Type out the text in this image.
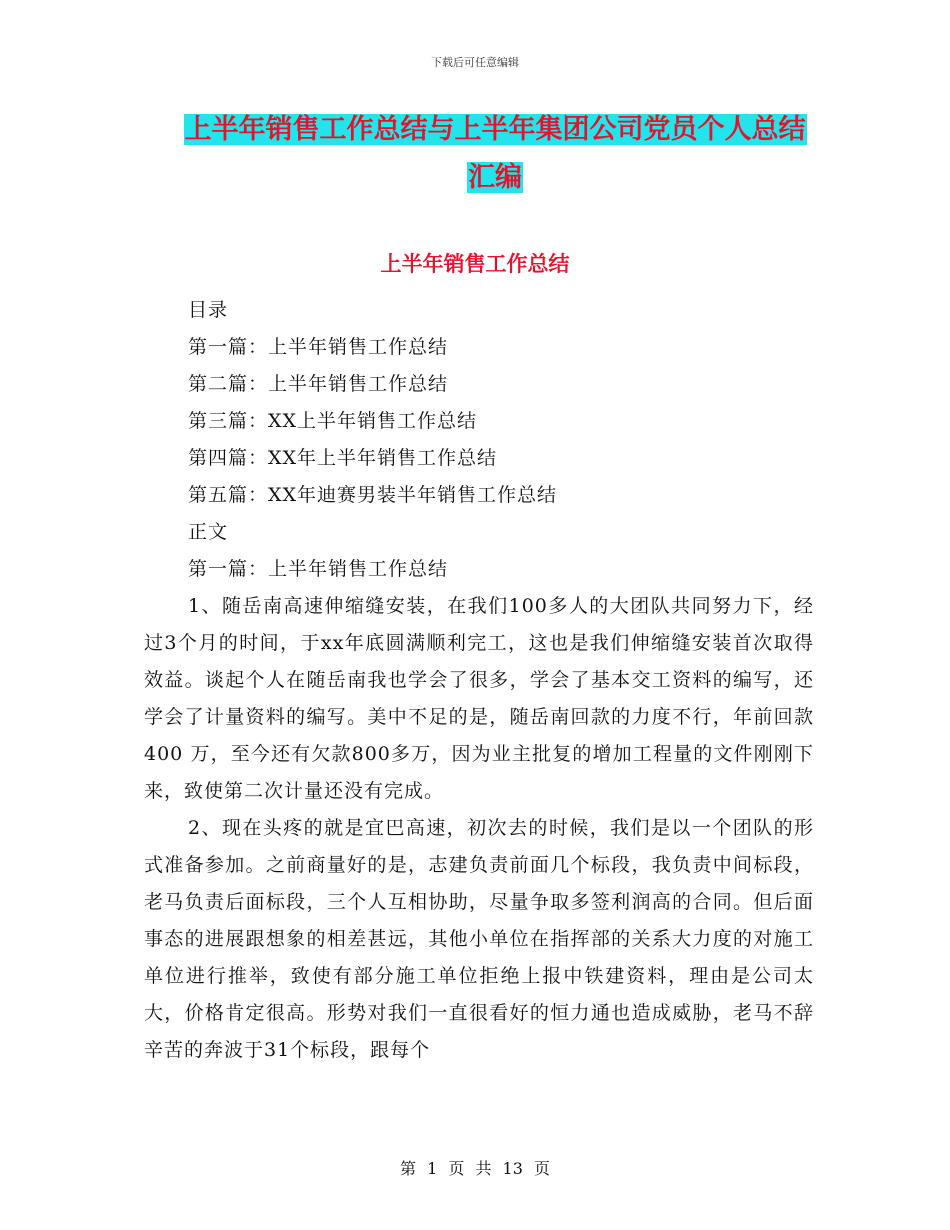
下载后可任意编辑
上半年销售工作总结与上半年集团公司党员个人总结
汇编
上半年销售工作总结

目录

第一篇：上半年销售工作总结

第二篇：上半年销售工作总结

第三篇：XX上半年销售工作总结

第四篇：XX年上半年销售工作总结

第五篇：XX年迪赛男装半年销售工作总结

正文

第一篇：上半年销售工作总结

1、随岳南高速伸缩缝安装，在我们100多人的大团队共同努力下，经过3个月的时间，于xx年底圆满顺利完工，这也是我们伸缩缝安装首次取得效益。谈起个人在随岳南我也学会了很多，学会了基本交工资料的编写，还学会了计量资料的编写。美中不足的是，随岳南回款的力度不行，年前回款400 万，至今还有欠款800多万，因为业主批复的增加工程量的文件刚刚下来，致使第二次计量还没有完成。

2、现在头疼的就是宜巴高速，初次去的时候，我们是以一个团队的形式准备参加。之前商量好的是，志建负责前面几个标段，我负责中间标段，老马负责后面标段，三个人互相协助，尽量争取多签利润高的合同。但后面事态的进展跟想象的相差甚远，其他小单位在指挥部的关系大力度的对施工单位进行推举，致使有部分施工单位拒绝上报中铁建资料，理由是公司太大，价格肯定很高。形势对我们一直很看好的恒力通也造成威胁，老马不辞辛苦的奔波于31个标段，跟每个

第 1 页 共 13 页
